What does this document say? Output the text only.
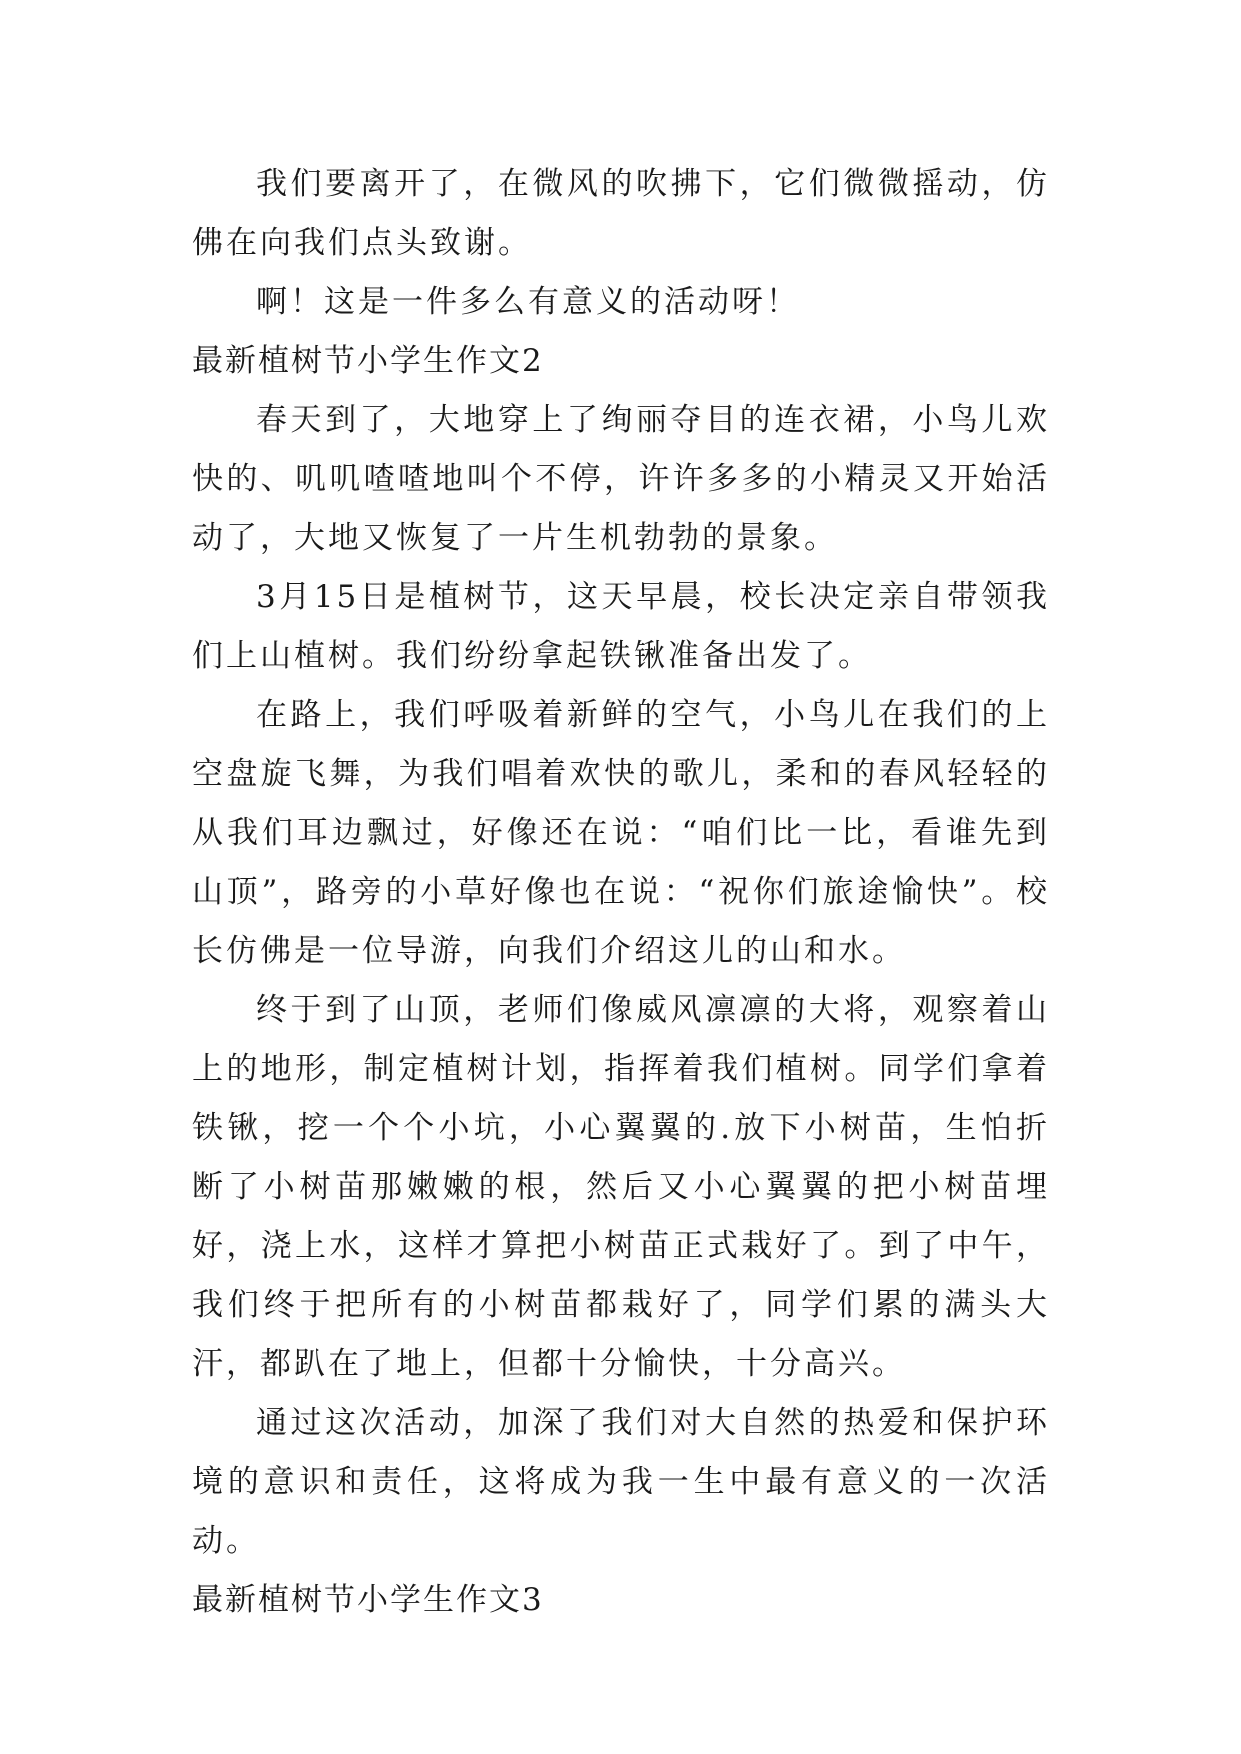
我们要离开了，在微风的吹拂下，它们微微摇动，仿佛在向我们点头致谢。

啊！这是一件多么有意义的活动呀！

最新植树节小学生作文2

春天到了，大地穿上了绚丽夺目的连衣裙，小鸟儿欢快的、叽叽喳喳地叫个不停，许许多多的小精灵又开始活动了，大地又恢复了一片生机勃勃的景象。

3月15日是植树节，这天早晨，校长决定亲自带领我们上山植树。我们纷纷拿起铁锹准备出发了。

在路上，我们呼吸着新鲜的空气，小鸟儿在我们的上空盘旋飞舞，为我们唱着欢快的歌儿，柔和的春风轻轻的从我们耳边飘过，好像还在说：“咱们比一比，看谁先到山顶”，路旁的小草好像也在说：“祝你们旅途愉快”。校长仿佛是一位导游，向我们介绍这儿的山和水。

终于到了山顶，老师们像威风凛凛的大将，观察着山上的地形，制定植树计划，指挥着我们植树。同学们拿着铁锹，挖一个个小坑，小心翼翼的.放下小树苗，生怕折断了小树苗那嫩嫩的根，然后又小心翼翼的把小树苗埋好，浇上水，这样才算把小树苗正式栽好了。到了中午，我们终于把所有的小树苗都栽好了，同学们累的满头大汗，都趴在了地上，但都十分愉快，十分高兴。

通过这次活动，加深了我们对大自然的热爱和保护环境的意识和责任，这将成为我一生中最有意义的一次活动。

最新植树节小学生作文3
